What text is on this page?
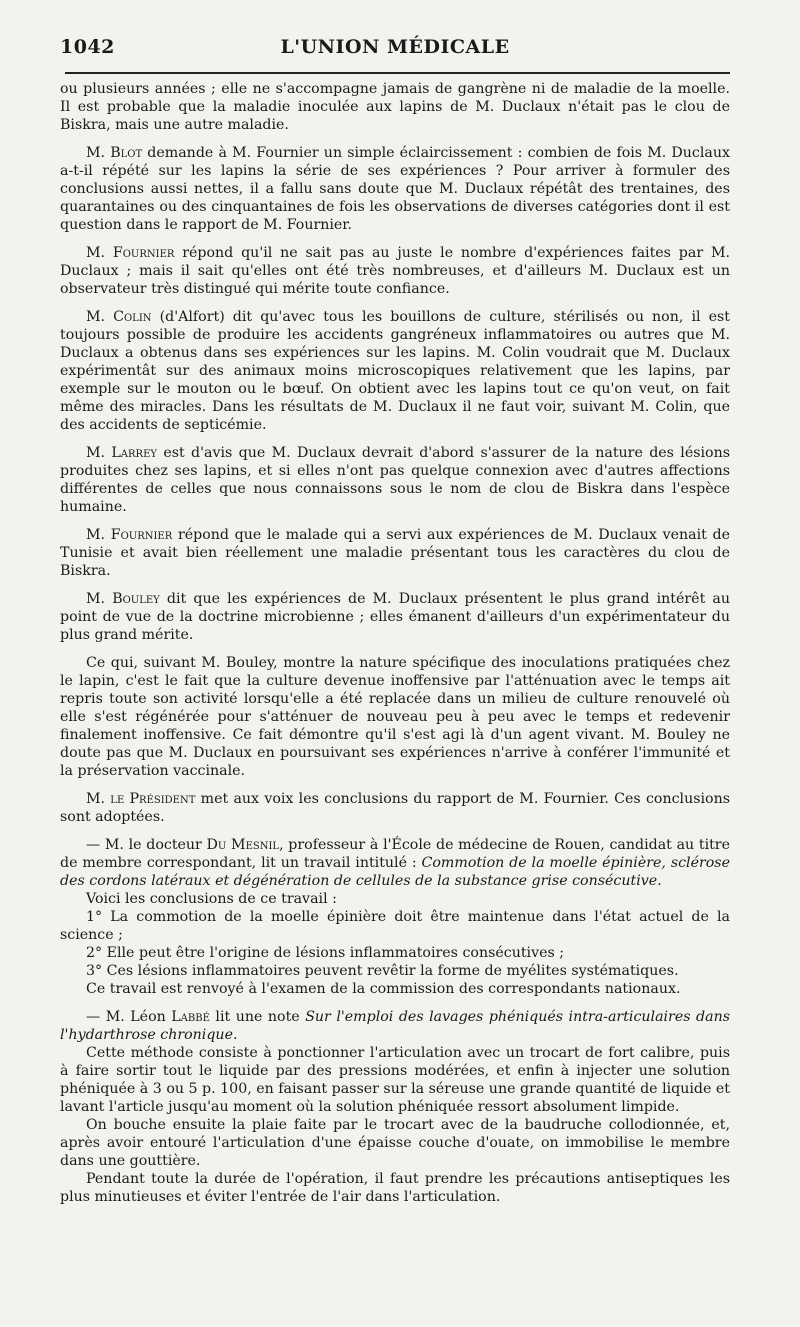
1042	L'UNION MÉDICALE

ou plusieurs années ; elle ne s'accompagne jamais de gangrène ni de maladie de la moelle. Il est probable que la maladie inoculée aux lapins de M. Duclaux n'était pas le clou de Biskra, mais une autre maladie.

M. Blot demande à M. Fournier un simple éclaircissement : combien de fois M. Duclaux a-t-il répété sur les lapins la série de ses expériences ? Pour arriver à formuler des conclusions aussi nettes, il a fallu sans doute que M. Duclaux répétât des trentaines, des quarantaines ou des cinquantaines de fois les observations de diverses catégories dont il est question dans le rapport de M. Fournier.

M. Fournier répond qu'il ne sait pas au juste le nombre d'expériences faites par M. Duclaux ; mais il sait qu'elles ont été très nombreuses, et d'ailleurs M. Duclaux est un observateur très distingué qui mérite toute confiance.

M. Colin (d'Alfort) dit qu'avec tous les bouillons de culture, stérilisés ou non, il est toujours possible de produire les accidents gangréneux inflammatoires ou autres que M. Duclaux a obtenus dans ses expériences sur les lapins. M. Colin voudrait que M. Duclaux expérimentât sur des animaux moins microscopiques relativement que les lapins, par exemple sur le mouton ou le bœuf. On obtient avec les lapins tout ce qu'on veut, on fait même des miracles. Dans les résultats de M. Duclaux il ne faut voir, suivant M. Colin, que des accidents de septicémie.

M. Larrey est d'avis que M. Duclaux devrait d'abord s'assurer de la nature des lésions produites chez ses lapins, et si elles n'ont pas quelque connexion avec d'autres affections différentes de celles que nous connaissons sous le nom de clou de Biskra dans l'espèce humaine.

M. Fournier répond que le malade qui a servi aux expériences de M. Duclaux venait de Tunisie et avait bien réellement une maladie présentant tous les caractères du clou de Biskra.

M. Bouley dit que les expériences de M. Duclaux présentent le plus grand intérêt au point de vue de la doctrine microbienne ; elles émanent d'ailleurs d'un expérimentateur du plus grand mérite.

Ce qui, suivant M. Bouley, montre la nature spécifique des inoculations pratiquées chez le lapin, c'est le fait que la culture devenue inoffensive par l'atténuation avec le temps ait repris toute son activité lorsqu'elle a été replacée dans un milieu de culture renouvelé où elle s'est régénérée pour s'atténuer de nouveau peu à peu avec le temps et redevenir finalement inoffensive. Ce fait démontre qu'il s'est agi là d'un agent vivant. M. Bouley ne doute pas que M. Duclaux en poursuivant ses expériences n'arrive à conférer l'immunité et la préservation vaccinale.

M. le Président met aux voix les conclusions du rapport de M. Fournier. Ces conclusions sont adoptées.

— M. le docteur Du Mesnil, professeur à l'École de médecine de Rouen, candidat au titre de membre correspondant, lit un travail intitulé : Commotion de la moelle épinière, sclérose des cordons latéraux et dégénération de cellules de la substance grise consécutive.

Voici les conclusions de ce travail :

1° La commotion de la moelle épinière doit être maintenue dans l'état actuel de la science ;
2° Elle peut être l'origine de lésions inflammatoires consécutives ;
3° Ces lésions inflammatoires peuvent revêtir la forme de myélites systématiques.

Ce travail est renvoyé à l'examen de la commission des correspondants nationaux.

— M. Léon Labbé lit une note Sur l'emploi des lavages phéniqués intra-articulaires dans l'hydarthrose chronique.

Cette méthode consiste à ponctionner l'articulation avec un trocart de fort calibre, puis à faire sortir tout le liquide par des pressions modérées, et enfin à injecter une solution phéniquée à 3 ou 5 p. 100, en faisant passer sur la séreuse une grande quantité de liquide et lavant l'article jusqu'au moment où la solution phéniquée ressort absolument limpide.

On bouche ensuite la plaie faite par le trocart avec de la baudruche collodionnée, et, après avoir entouré l'articulation d'une épaisse couche d'ouate, on immobilise le membre dans une gouttière.

Pendant toute la durée de l'opération, il faut prendre les précautions antiseptiques les plus minutieuses et éviter l'entrée de l'air dans l'articulation.
